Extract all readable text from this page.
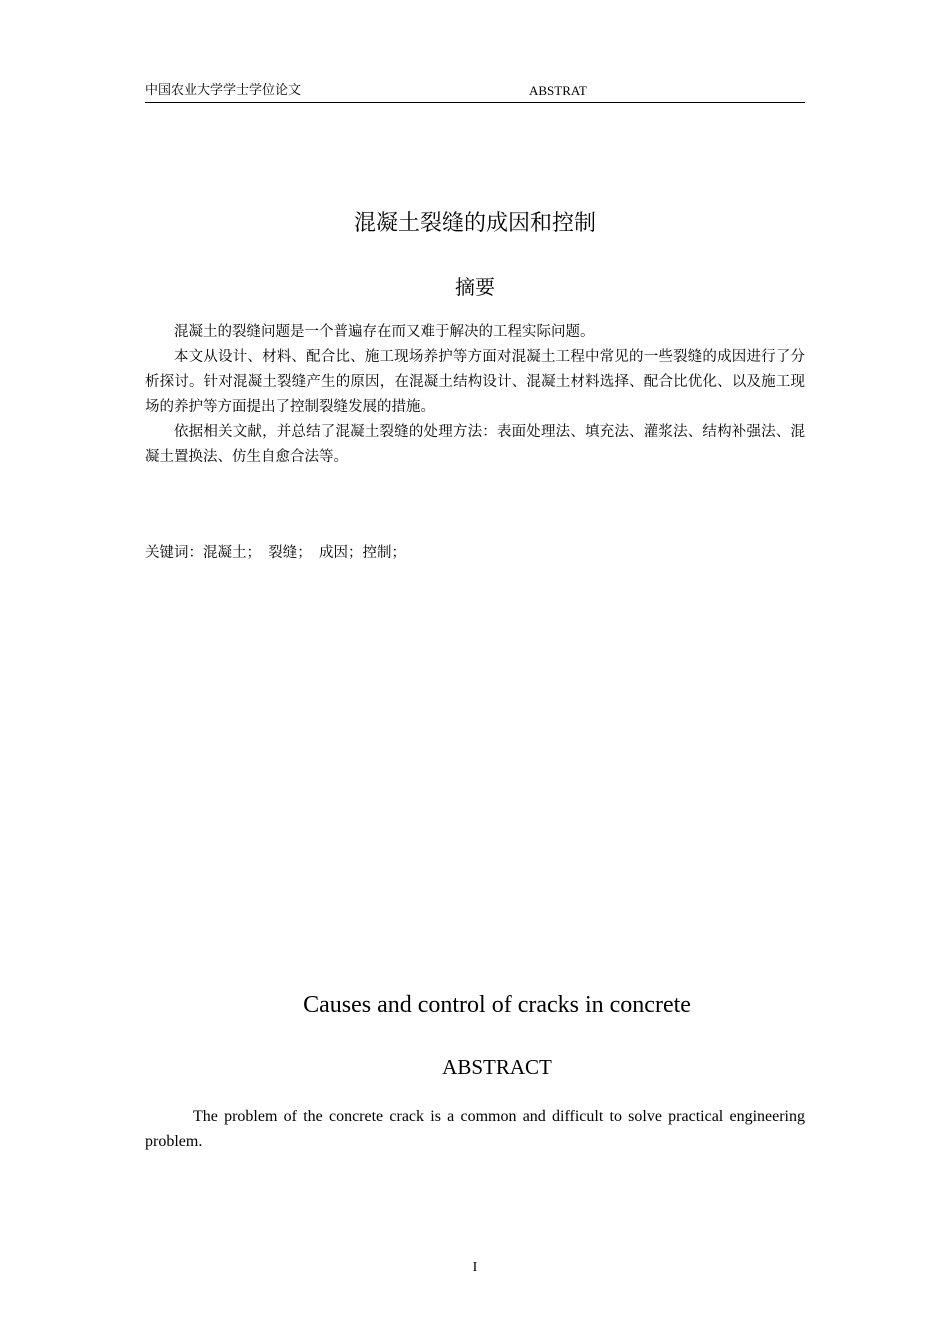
中国农业大学学士学位论文	ABSTRAT
混凝土裂缝的成因和控制
摘要

混凝土的裂缝问题是一个普遍存在而又难于解决的工程实际问题。

本文从设计、材料、配合比、施工现场养护等方面对混凝土工程中常见的一些裂缝的成因进行了分析探讨。针对混凝土裂缝产生的原因，在混凝土结构设计、混凝土材料选择、配合比优化、以及施工现场的养护等方面提出了控制裂缝发展的措施。

依据相关文献，并总结了混凝土裂缝的处理方法：表面处理法、填充法、灌浆法、结构补强法、混凝土置换法、仿生自愈合法等。

关键词：混凝土；　裂缝；　成因；控制；
Causes and control of cracks in concrete
ABSTRACT

The problem of the concrete crack is a common and difficult to solve practical engineering problem.

I
